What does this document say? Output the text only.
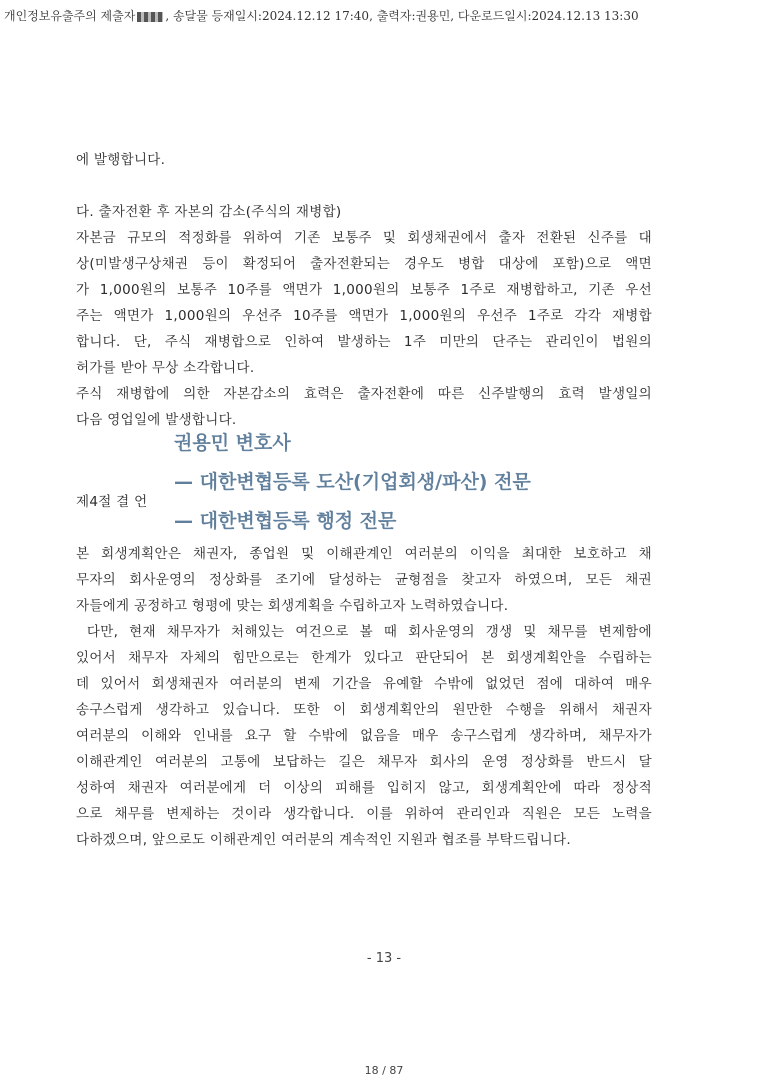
개인정보유출주의 제출자	, 송달물 등재일시:2024.12.12 17:40, 출력자:권용민, 다운로드일시:2024.12.13 13:30
에 발행합니다.
다. 출자전환 후 자본의 감소(주식의 재병합)
자본금 규모의 적정화를 위하여 기존 보통주 및 회생채권에서 출자 전환된 신주를 대
상(미발생구상채권 등이 확정되어 출자전환되는 경우도 병합 대상에 포함)으로 액면
가 1,000원의 보통주 10주를 액면가 1,000원의 보통주 1주로 재병합하고, 기존 우선
주는 액면가 1,000원의 우선주 10주를 액면가 1,000원의 우선주 1주로 각각 재병합
합니다. 단, 주식 재병합으로 인하여 발생하는 1주 미만의 단주는 관리인이 법원의
허가를 받아 무상 소각합니다.
주식 재병합에 의한 자본감소의 효력은 출자전환에 따른 신주발행의 효력 발생일의
다음 영업일에 발생합니다.
제4절 결 언
본 회생계획안은 채권자, 종업원 및 이해관계인 여러분의 이익을 최대한 보호하고 채
무자의 회사운영의 정상화를 조기에 달성하는 균형점을 찾고자 하였으며, 모든 채권
자들에게 공정하고 형평에 맞는 회생계획을 수립하고자 노력하였습니다.
다만, 현재 채무자가 처해있는 여건으로 볼 때 회사운영의 갱생 및 채무를 변제함에
있어서 채무자 자체의 힘만으로는 한계가 있다고 판단되어 본 회생계획안을 수립하는
데 있어서 회생채권자 여러분의 변제 기간을 유예할 수밖에 없었던 점에 대하여 매우
송구스럽게 생각하고 있습니다. 또한 이 회생계획안의 원만한 수행을 위해서 채권자
여러분의 이해와 인내를 요구 할 수밖에 없음을 매우 송구스럽게 생각하며, 채무자가
이해관계인 여러분의 고통에 보답하는 길은 채무자 회사의 운영 정상화를 반드시 달
성하여 채권자 여러분에게 더 이상의 피해를 입히지 않고, 회생계획안에 따라 정상적
으로 채무를 변제하는 것이라 생각합니다. 이를 위하여 관리인과 직원은 모든 노력을
다하겠으며, 앞으로도 이해관계인 여러분의 계속적인 지원과 협조를 부탁드립니다.
권용민 변호사
— 대한변협등록 도산(기업회생/파산) 전문
— 대한변협등록 행정 전문
- 13 -
18 / 87
